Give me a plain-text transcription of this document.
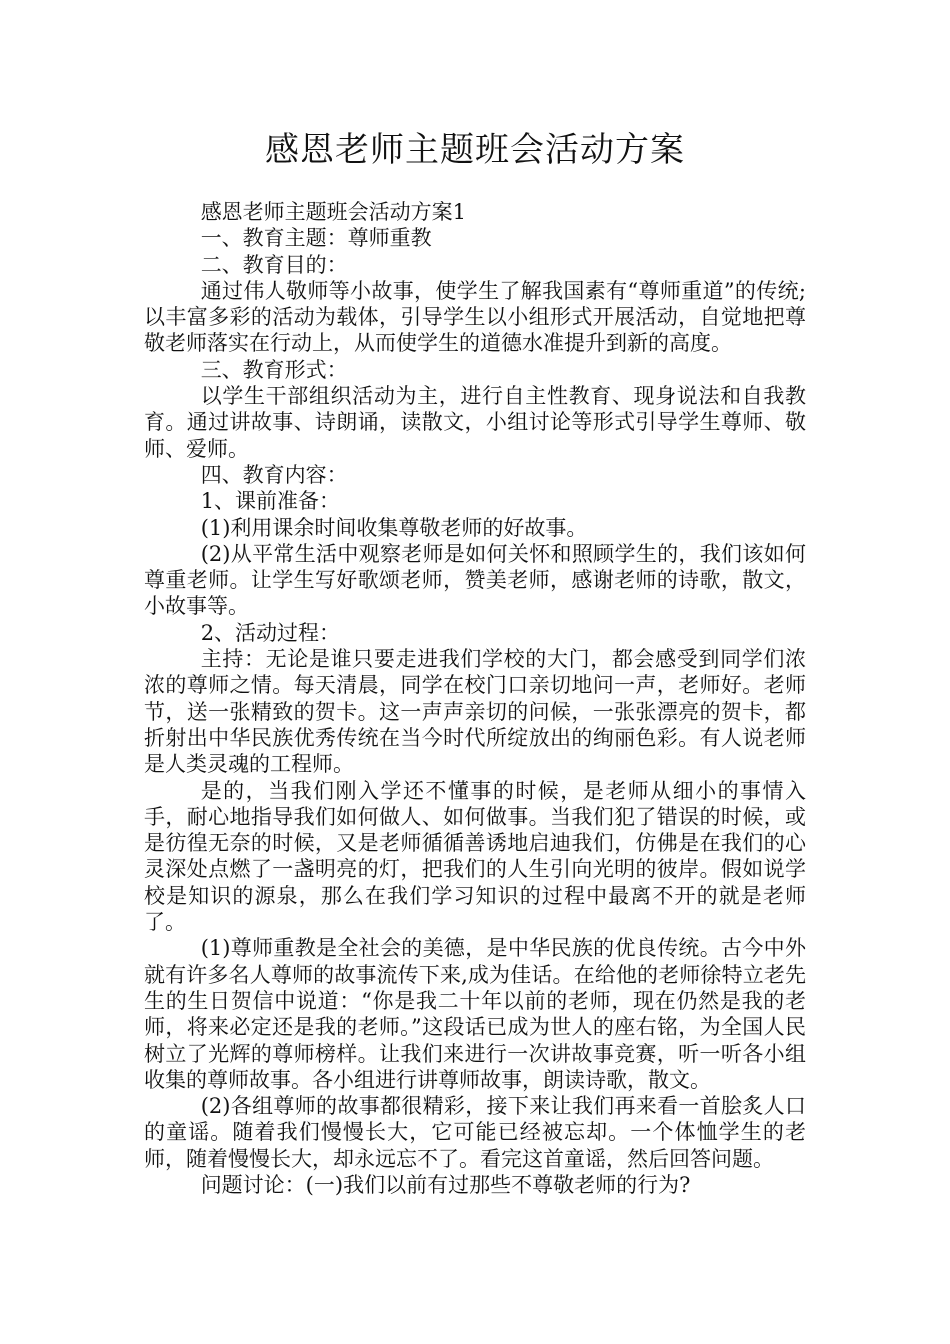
感恩老师主题班会活动方案

感恩老师主题班会活动方案1

一、教育主题：尊师重教

二、教育目的：

通过伟人敬师等小故事，使学生了解我国素有“尊师重道”的传统;以丰富多彩的活动为载体，引导学生以小组形式开展活动，自觉地把尊敬老师落实在行动上，从而使学生的道德水准提升到新的高度。

三、教育形式：

以学生干部组织活动为主，进行自主性教育、现身说法和自我教育。通过讲故事、诗朗诵，读散文，小组讨论等形式引导学生尊师、敬师、爱师。

四、教育内容：

1、课前准备：

(1)利用课余时间收集尊敬老师的好故事。

(2)从平常生活中观察老师是如何关怀和照顾学生的，我们该如何尊重老师。让学生写好歌颂老师，赞美老师，感谢老师的诗歌，散文，小故事等。

2、活动过程：

主持：无论是谁只要走进我们学校的大门，都会感受到同学们浓浓的尊师之情。每天清晨，同学在校门口亲切地问一声，老师好。老师节，送一张精致的贺卡。这一声声亲切的问候，一张张漂亮的贺卡，都折射出中华民族优秀传统在当今时代所绽放出的绚丽色彩。有人说老师是人类灵魂的工程师。

是的，当我们刚入学还不懂事的时候，是老师从细小的事情入手，耐心地指导我们如何做人、如何做事。当我们犯了错误的时候，或是彷徨无奈的时候，又是老师循循善诱地启迪我们，仿佛是在我们的心灵深处点燃了一盏明亮的灯，把我们的人生引向光明的彼岸。假如说学校是知识的源泉，那么在我们学习知识的过程中最离不开的就是老师了。

(1)尊师重教是全社会的美德，是中华民族的优良传统。古今中外就有许多名人尊师的故事流传下来,成为佳话。在给他的老师徐特立老先生的生日贺信中说道：“你是我二十年以前的老师，现在仍然是我的老师，将来必定还是我的老师。”这段话已成为世人的座右铭，为全国人民树立了光辉的尊师榜样。让我们来进行一次讲故事竞赛，听一听各小组收集的尊师故事。各小组进行讲尊师故事，朗读诗歌，散文。

(2)各组尊师的故事都很精彩，接下来让我们再来看一首脍炙人口的童谣。随着我们慢慢长大，它可能已经被忘却。一个体恤学生的老师，随着慢慢长大，却永远忘不了。看完这首童谣，然后回答问题。

问题讨论：(一)我们以前有过那些不尊敬老师的行为?
